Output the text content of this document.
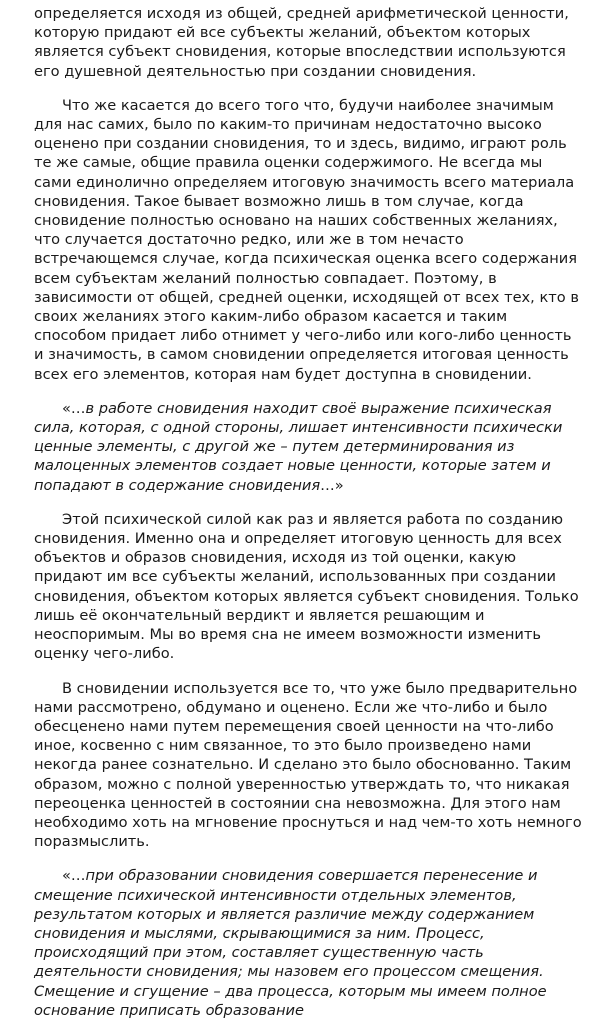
определяется исходя из общей, средней арифметической ценности, которую придают ей все субъекты желаний, объектом которых является субъект сновидения, которые впоследствии используются его душевной деятельностью при создании сновидения.

Что же касается до всего того что, будучи наиболее значимым для нас самих, было по каким-то причинам недостаточно высоко оценено при создании сновидения, то и здесь, видимо, играют роль те же самые, общие правила оценки содержимого. Не всегда мы сами единолично определяем итоговую значимость всего материала сновидения. Такое бывает возможно лишь в том случае, когда сновидение полностью основано на наших собственных желаниях, что случается достаточно редко, или же в том нечасто встречающемся случае, когда психическая оценка всего содержания всем субъектам желаний полностью совпадает. Поэтому, в зависимости от общей, средней оценки, исходящей от всех тех, кто в своих желаниях этого каким-либо образом касается и таким способом придает либо отнимет у чего-либо или кого-либо ценность и значимость, в самом сновидении определяется итоговая ценность всех его элементов, которая нам будет доступна в сновидении.

«…в работе сновидения находит своё выражение психическая сила, которая, с одной стороны, лишает интенсивности психически ценные элементы, с другой же – путем детерминирования из малоценных элементов создает новые ценности, которые затем и попадают в содержание сновидения…»

Этой психической силой как раз и является работа по созданию сновидения. Именно она и определяет итоговую ценность для всех объектов и образов сновидения, исходя из той оценки, какую придают им все субъекты желаний, использованных при создании сновидения, объектом которых является субъект сновидения. Только лишь её окончательный вердикт и является решающим и неоспоримым. Мы во время сна не имеем возможности изменить оценку чего-либо.

В сновидении используется все то, что уже было предварительно нами рассмотрено, обдумано и оценено. Если же что-либо и было обесценено нами путем перемещения своей ценности на что-либо иное, косвенно с ним связанное, то это было произведено нами некогда ранее сознательно. И сделано это было обоснованно. Таким образом, можно с полной уверенностью утверждать то, что никакая переоценка ценностей в состоянии сна невозможна. Для этого нам необходимо хоть на мгновение проснуться и над чем-то хоть немного поразмыслить.

«…при образовании сновидения совершается перенесение и смещение психической интенсивности отдельных элементов, результатом которых и является различие между содержанием сновидения и мыслями, скрывающимися за ним. Процесс, происходящий при этом, составляет существенную часть деятельности сновидения; мы назовем его процессом смещения. Смещение и сгущение – два процесса, которым мы имеем полное основание приписать образование
